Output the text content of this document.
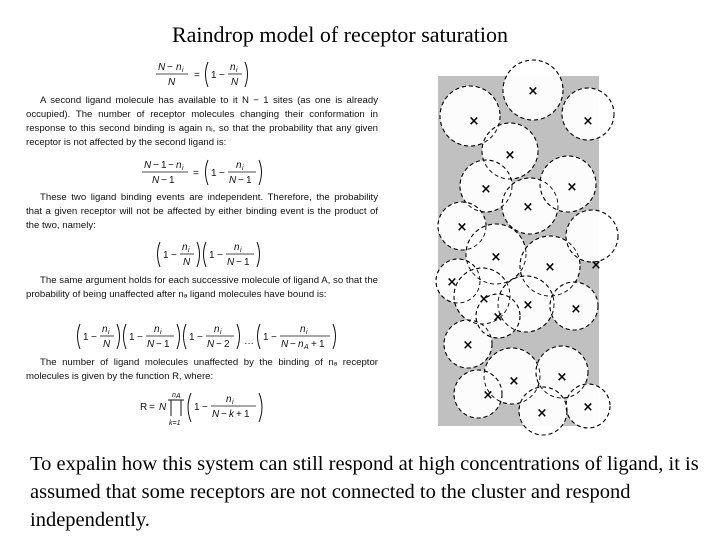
Raindrop model of receptor saturation
N − n i
N
= 1 −
n i
N
A second ligand molecule has available to it N − 1 sites (as one is already occupied). The number of receptor molecules changing their conformation in response to this second binding is again nᵢ, so that the probability that any given receptor is not affected by the second ligand is:
N − 1 − n i
N − 1
= 1 −
n i
N − 1
These two ligand binding events are independent. Therefore, the probability that a given receptor will not be affected by either binding event is the product of the two, namely:
1 −
n i
N
1 −
n i
N − 1
The same argument holds for each successive molecule of ligand A, so that the probability of being unaffected after nₐ ligand molecules have bound is:
1 −
n i
N
1 −
n i
N − 1
1 −
n i
N − 2 … 1 −
n i
N − n A + 1
The number of ligand molecules unaffected by the binding of nₐ receptor molecules is given by the function R, where:
R = N
n A
k=1
1 −
n i
N − k + 1
×
×
×
×
×
×
×
×
×
×	×
×
×	×	×
×
×
×	×
×
×
×
To expalin how this system can still respond at high concentrations of ligand, it is assumed that some receptors are not connected to the cluster and respond independently.
